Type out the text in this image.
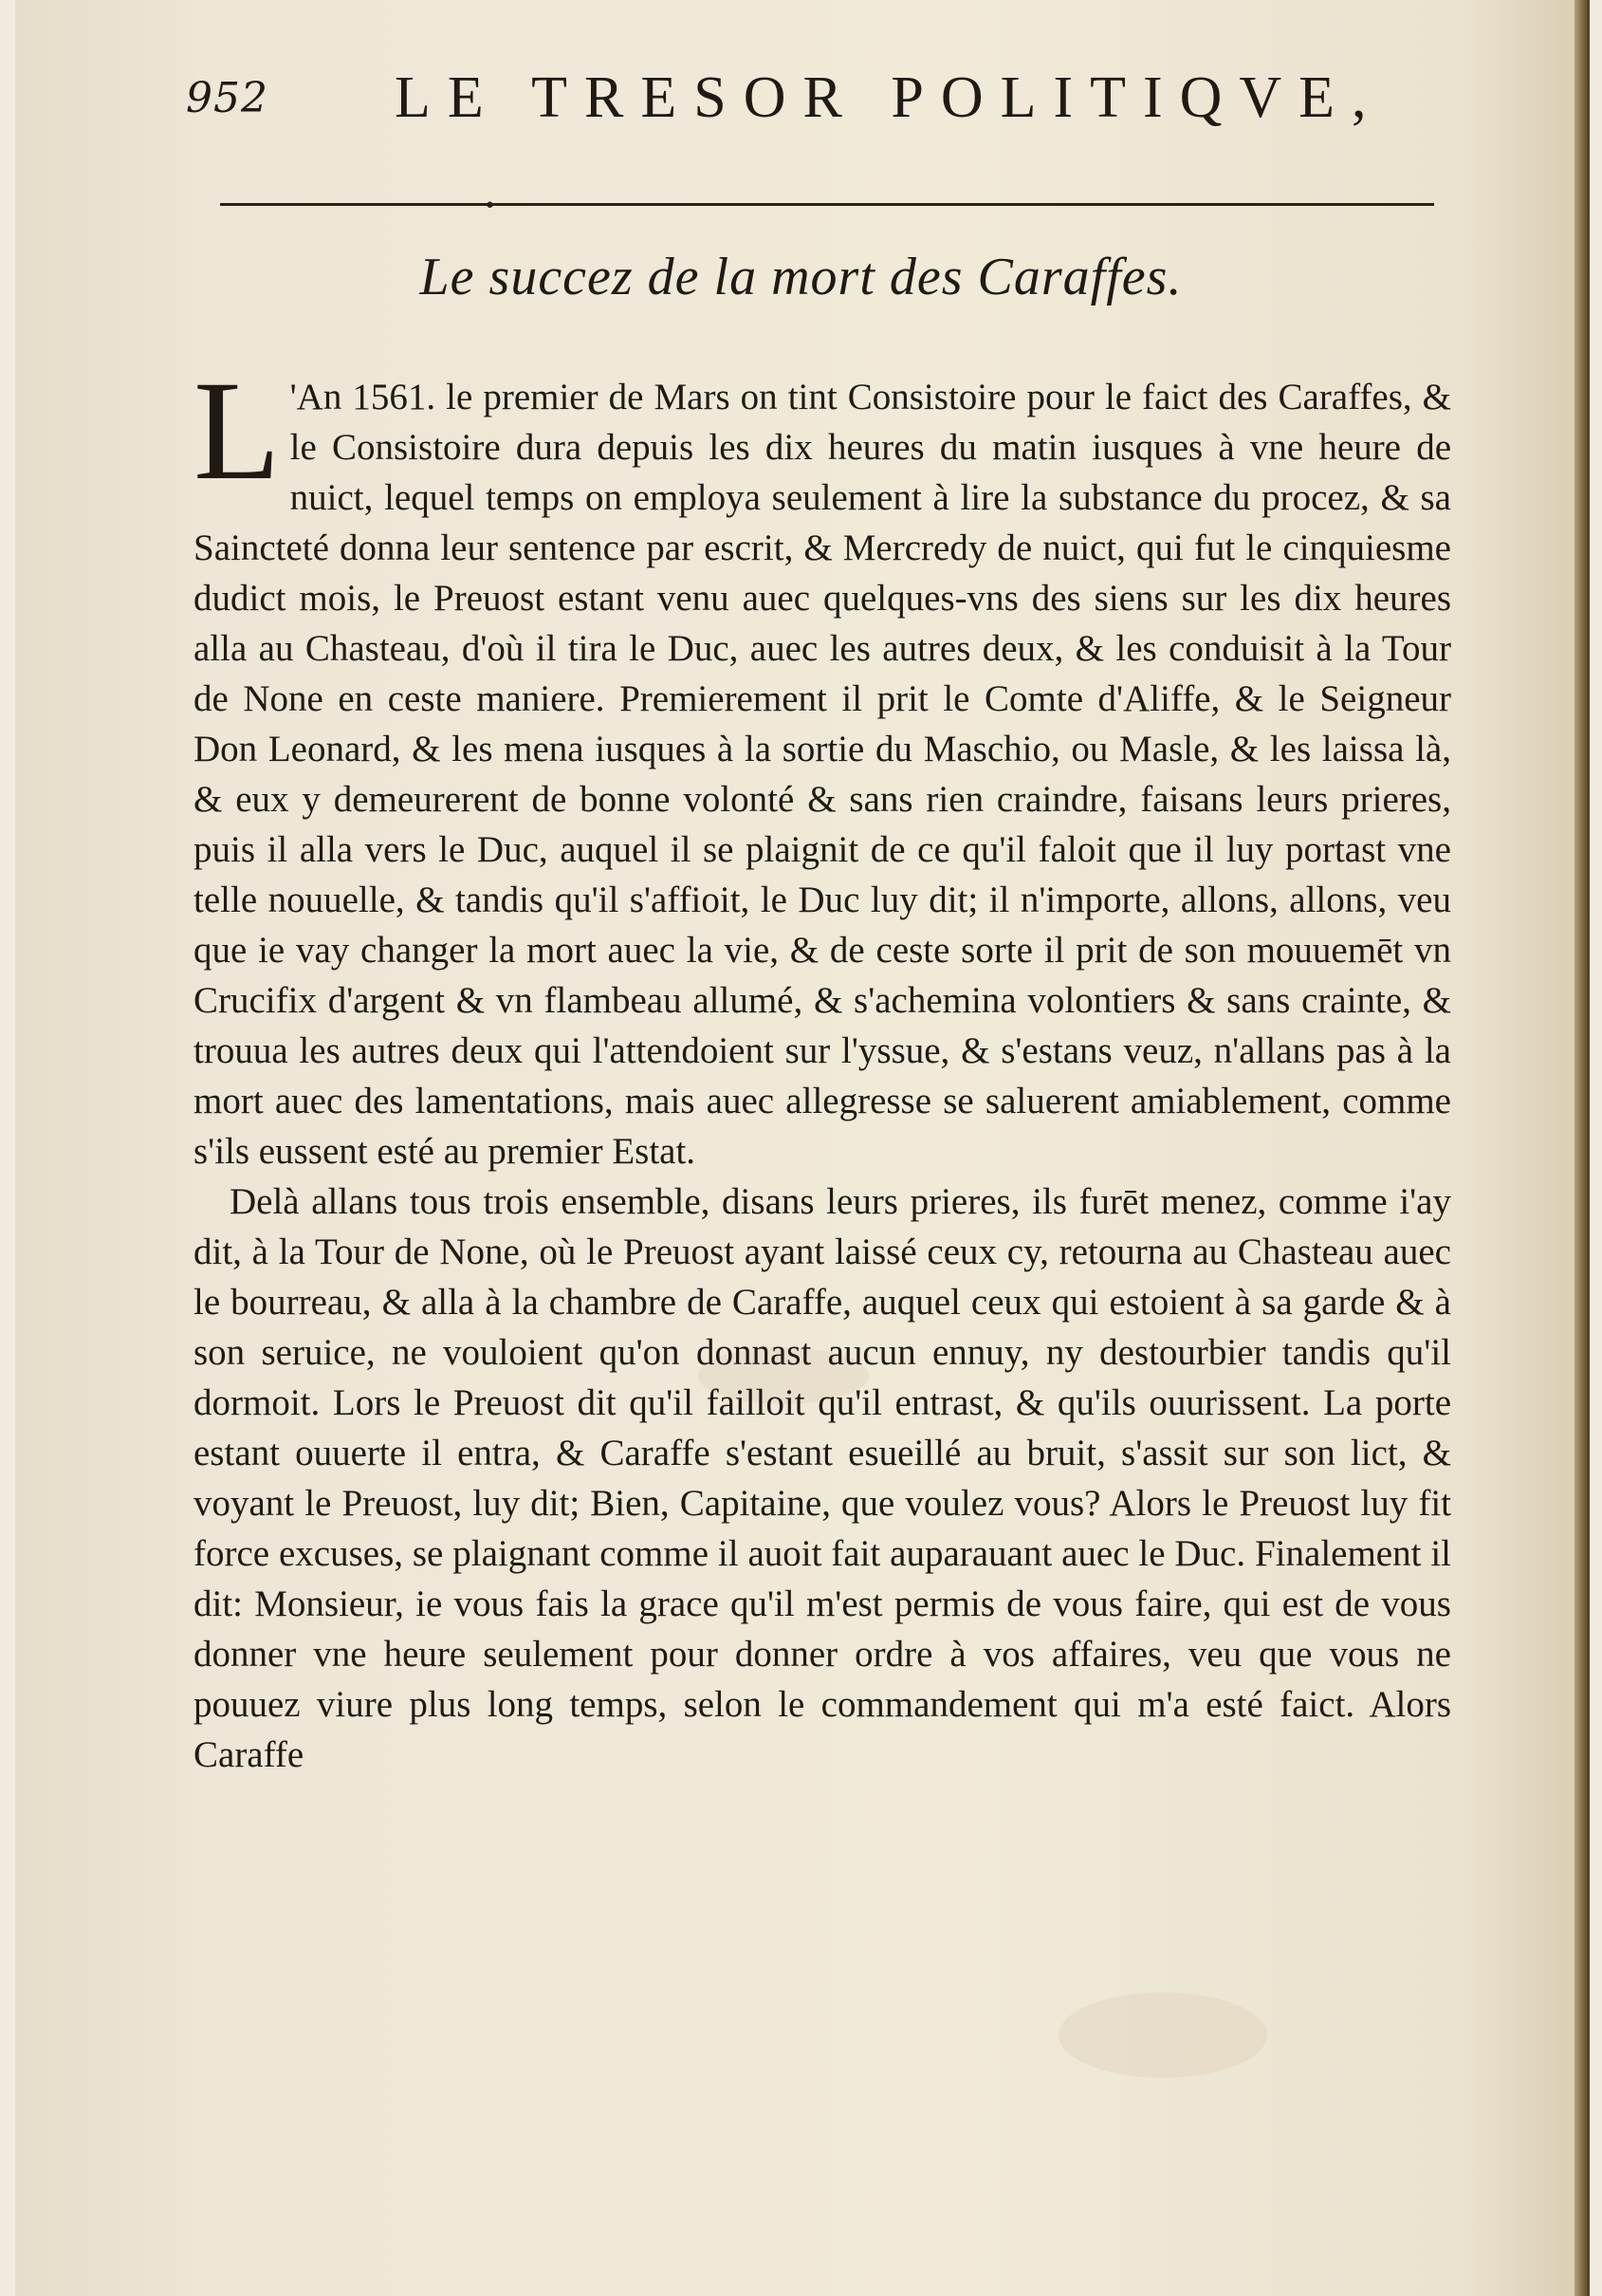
952 LE TRESOR POLITIQVE,
•
Le succez de la mort des Caraffes.

L 'An 1561. le premier de Mars on tint Consistoire pour le faict des Caraffes, & le Consistoire dura depuis les dix heures du matin iusques à vne heure de nuict, lequel temps on employa seulement à lire la substance du procez, & sa Saincteté donna leur sentence par escrit, & Mercredy de nuict, qui fut le cinquiesme dudict mois, le Preuost estant venu auec quelques-vns des siens sur les dix heures alla au Chasteau, d'où il tira le Duc, auec les autres deux, & les conduisit à la Tour de None en ceste maniere. Premierement il prit le Comte d'Aliffe, & le Seigneur Don Leonard, & les mena iusques à la sortie du Maschio, ou Masle, & les laissa là, & eux y demeurerent de bonne volonté & sans rien craindre, faisans leurs prieres, puis il alla vers le Duc, auquel il se plaignit de ce qu'il faloit que il luy portast vne telle nouuelle, & tandis qu'il s'affioit, le Duc luy dit; il n'importe, allons, allons, veu que ie vay changer la mort auec la vie, & de ceste sorte il prit de son mouuemēt vn Crucifix d'argent & vn flambeau allumé, & s'achemina volontiers & sans crainte, & trouua les autres deux qui l'attendoient sur l'yssue, & s'estans veuz, n'allans pas à la mort auec des lamentations, mais auec allegresse se saluerent amiablement, comme s'ils eussent esté au premier Estat.

Delà allans tous trois ensemble, disans leurs prieres, ils furēt menez, comme i'ay dit, à la Tour de None, où le Preuost ayant laissé ceux cy, retourna au Chasteau auec le bourreau, & alla à la chambre de Caraffe, auquel ceux qui estoient à sa garde & à son seruice, ne vouloient qu'on donnast aucun ennuy, ny destourbier tandis qu'il dormoit. Lors le Preuost dit qu'il failloit qu'il entrast, & qu'ils ouurissent. La porte estant ouuerte il entra, & Caraffe s'estant esueillé au bruit, s'assit sur son lict, & voyant le Preuost, luy dit; Bien, Capitaine, que voulez vous? Alors le Preuost luy fit force excuses, se plaignant comme il auoit fait auparauant auec le Duc. Finalement il dit: Monsieur, ie vous fais la grace qu'il m'est permis de vous faire, qui est de vous donner vne heure seulement pour donner ordre à vos affaires, veu que vous ne pouuez viure plus long temps, selon le commandement qui m'a esté faict. Alors Caraffe
